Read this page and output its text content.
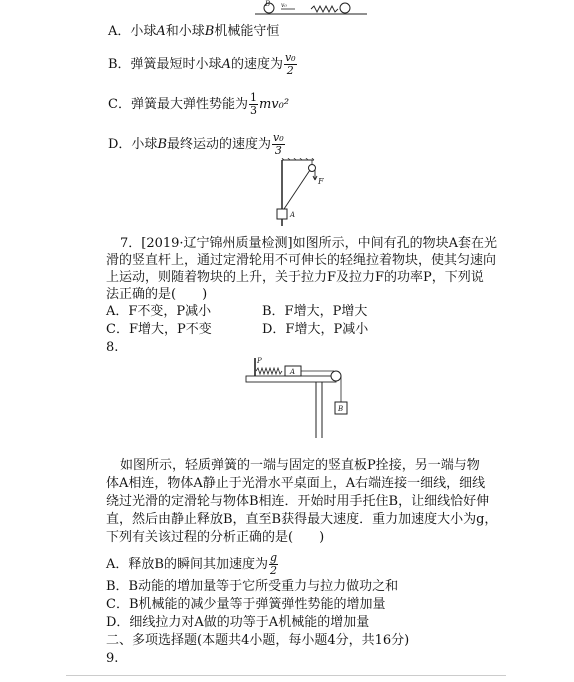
B v₀
A．小球A和小球B机械能守恒
B．弹簧最短时小球A的速度为 $\frac{\text{v₀}}{2}$
C．弹簧最大弹性势能为 $\frac{1}{3} mv_0^2$
D．小球B最终运动的速度为 $\frac{\text{v₀}}{3}$
F
A
7．[2019·辽宁锦州质量检测]如图所示，中间有孔的物块A套在光
滑的竖直杆上，通过定滑轮用不可伸长的轻绳拉着物块，使其匀速向
上运动，则随着物块的上升，关于拉力F及拉力F的功率P，下列说
法正确的是(　　)
A．F不变，P减小	B．F增大，P增大
C．F增大，P不变	D．F增大，P减小
8.
P
A
B
如图所示，轻质弹簧的一端与固定的竖直板P拴接，另一端与物
体A相连，物体A静止于光滑水平桌面上，A右端连接一细线，细线
绕过光滑的定滑轮与物体B相连．开始时用手托住B，让细线恰好伸
直，然后由静止释放B，直至B获得最大速度．重力加速度大小为g，
下列有关该过程的分析正确的是(　　)
A．释放B的瞬间其加速度为 $\frac{g}{2}$
B．B动能的增加量等于它所受重力与拉力做功之和
C．B机械能的减少量等于弹簧弹性势能的增加量
D．细线拉力对A做的功等于A机械能的增加量
二、多项选择题(本题共4小题，每小题4分，共16分)
9.
